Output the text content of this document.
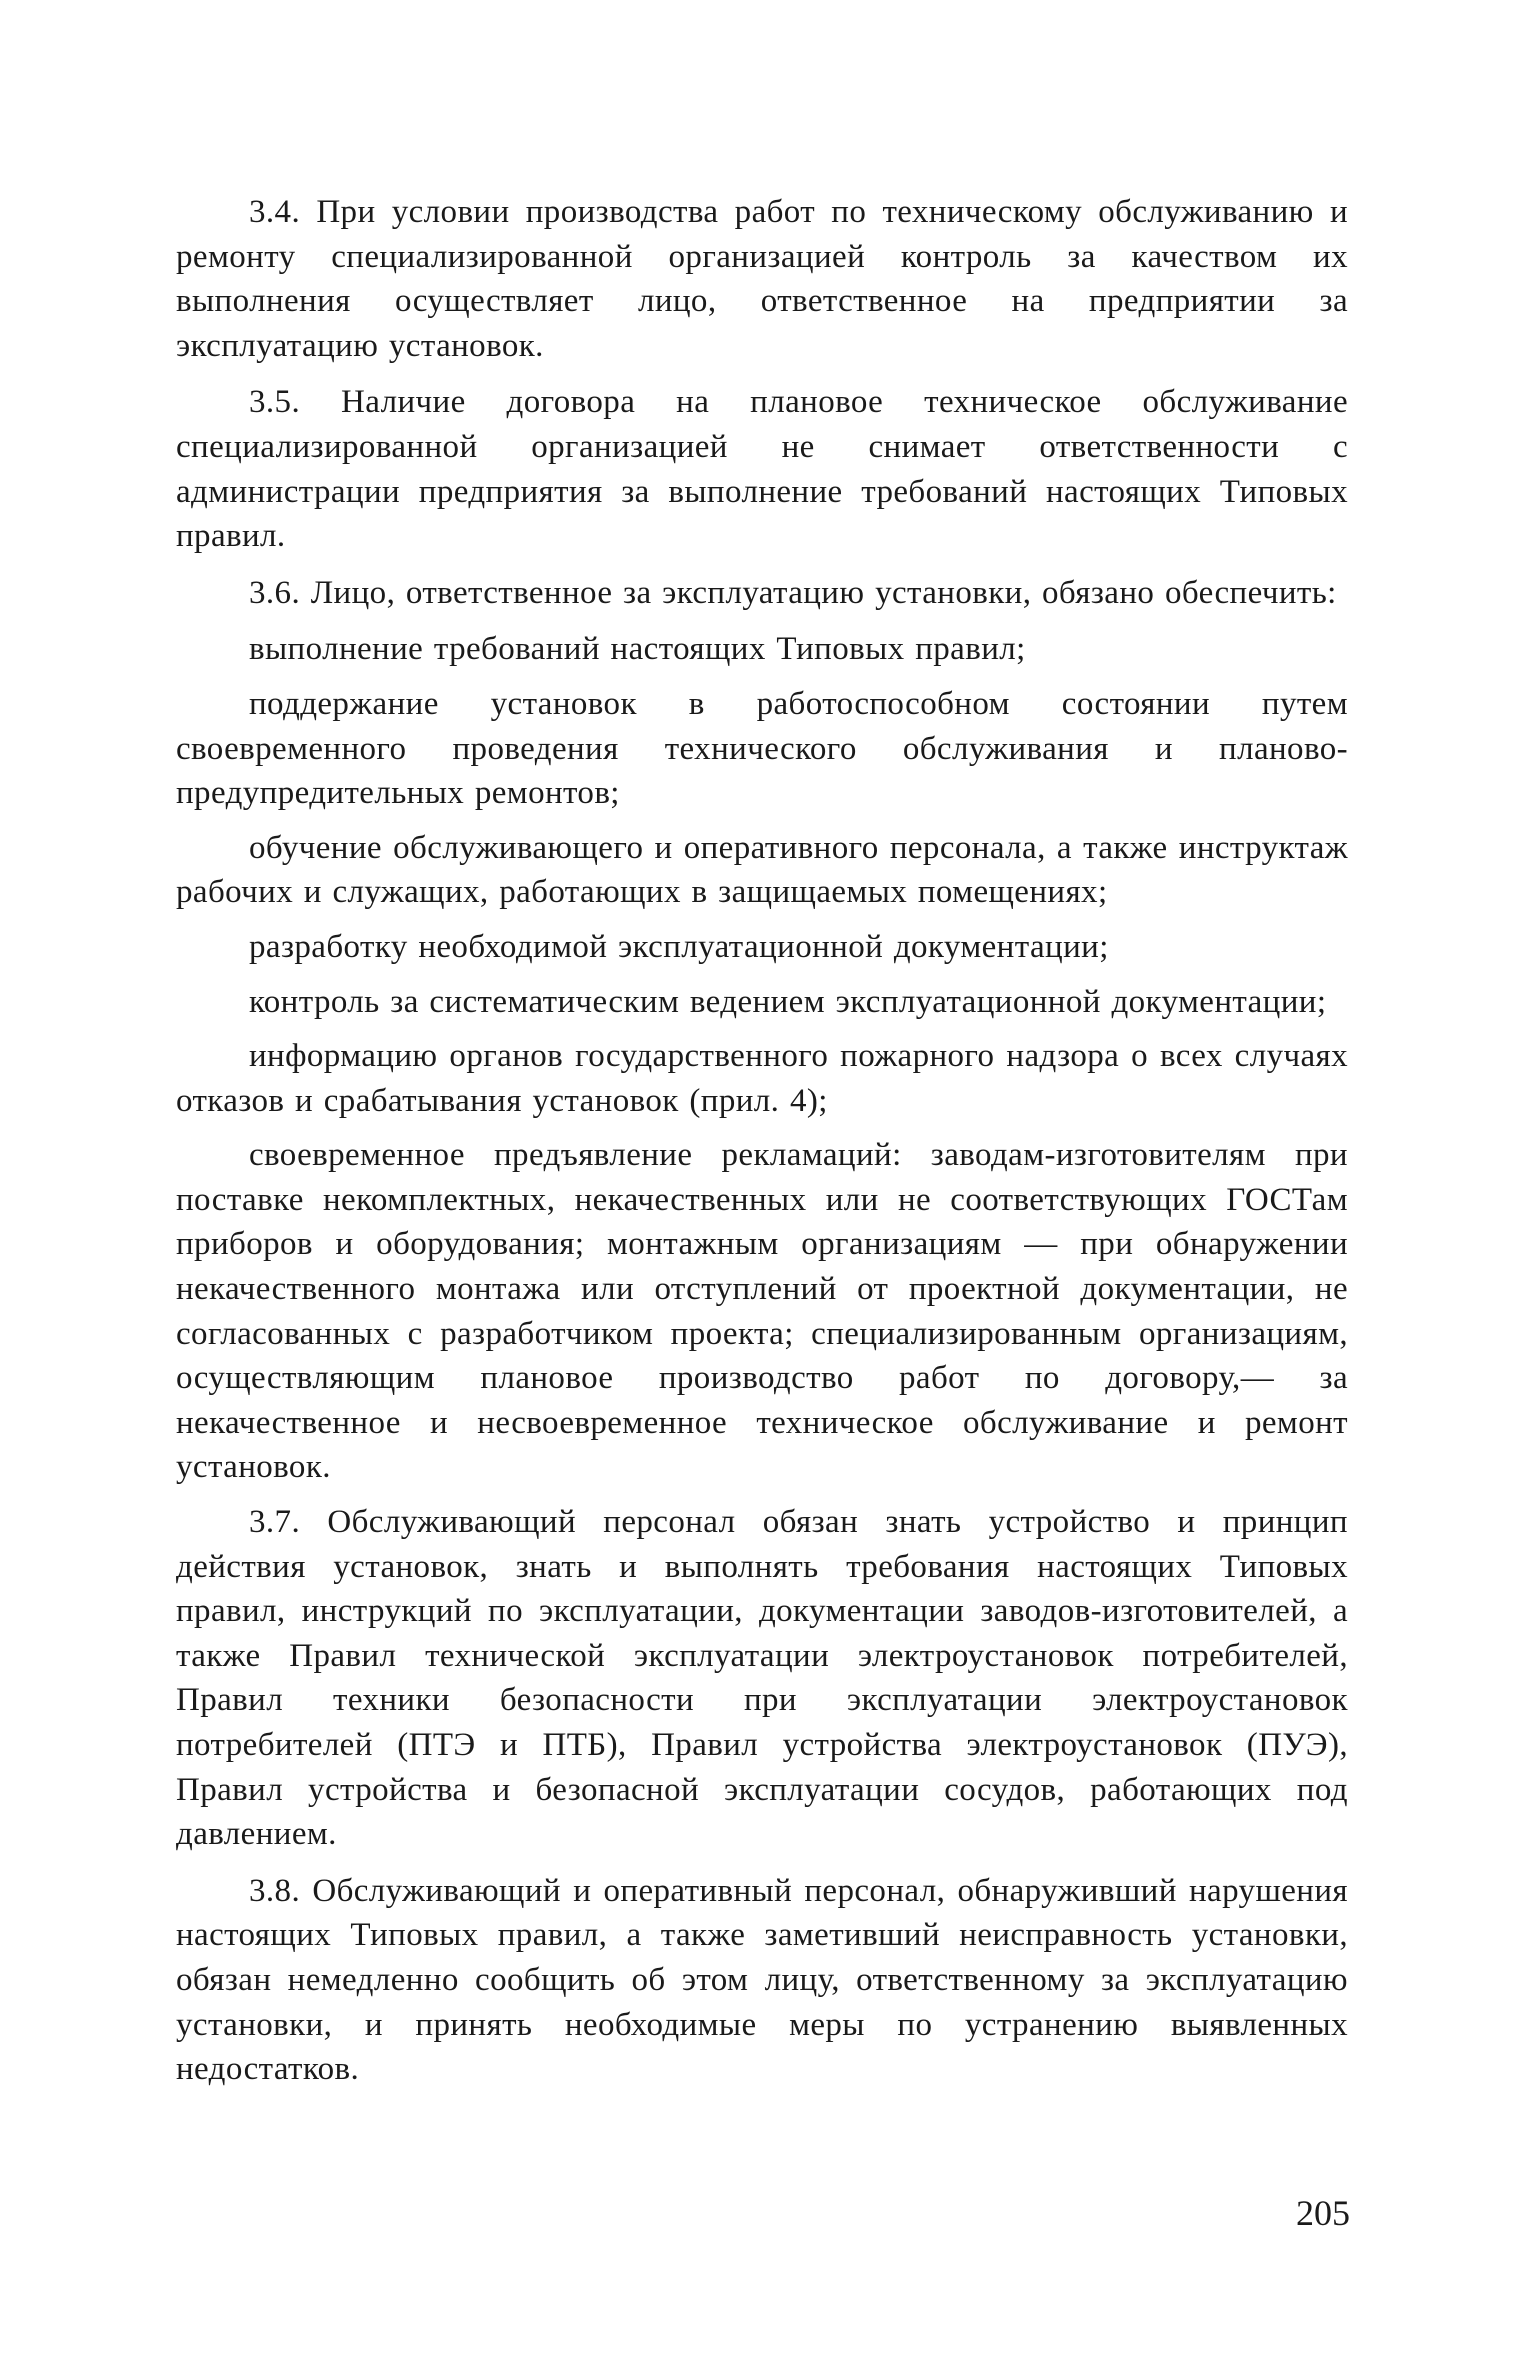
3.4. При условии производства работ по техническому обслуживанию и ремонту специализированной организацией контроль за качеством их выполнения осуществляет лицо, ответственное на предприятии за эксплуатацию установок.

3.5. Наличие договора на плановое техническое обслуживание специализированной организацией не снимает ответственности с администрации предприятия за выполнение требований настоящих Типовых правил.

3.6. Лицо, ответственное за эксплуатацию установки, обязано обеспечить:

выполнение требований настоящих Типовых правил;

поддержание установок в работоспособном состоянии путем своевременного проведения технического обслуживания и планово-предупредительных ремонтов;

обучение обслуживающего и оперативного персонала, а также инструктаж рабочих и служащих, работающих в защищаемых помещениях;

разработку необходимой эксплуатационной документации;

контроль за систематическим ведением эксплуатационной документации;

информацию органов государственного пожарного надзора о всех случаях отказов и срабатывания установок (прил. 4);

своевременное предъявление рекламаций: заводам-изготовителям при поставке некомплектных, некачественных или не соответствующих ГОСТам приборов и оборудования; монтажным организациям — при обнаружении некачественного монтажа или отступлений от проектной документации, не согласованных с разработчиком проекта; специализированным организациям, осуществляющим плановое производство работ по договору,— за некачественное и несвоевременное техническое обслуживание и ремонт установок.

3.7. Обслуживающий персонал обязан знать устройство и принцип действия установок, знать и выполнять требования настоящих Типовых правил, инструкций по эксплуатации, документации заводов-изготовителей, а также Правил технической эксплуатации электроустановок потребителей, Правил техники безопасности при эксплуатации электроустановок потребителей (ПТЭ и ПТБ), Правил устройства электроустановок (ПУЭ), Правил устройства и безопасной эксплуатации сосудов, работающих под давлением.

3.8. Обслуживающий и оперативный персонал, обнаруживший нарушения настоящих Типовых правил, а также заметивший неисправность установки, обязан немедленно сообщить об этом лицу, ответственному за эксплуатацию установки, и принять необходимые меры по устранению выявленных недостатков.

205
